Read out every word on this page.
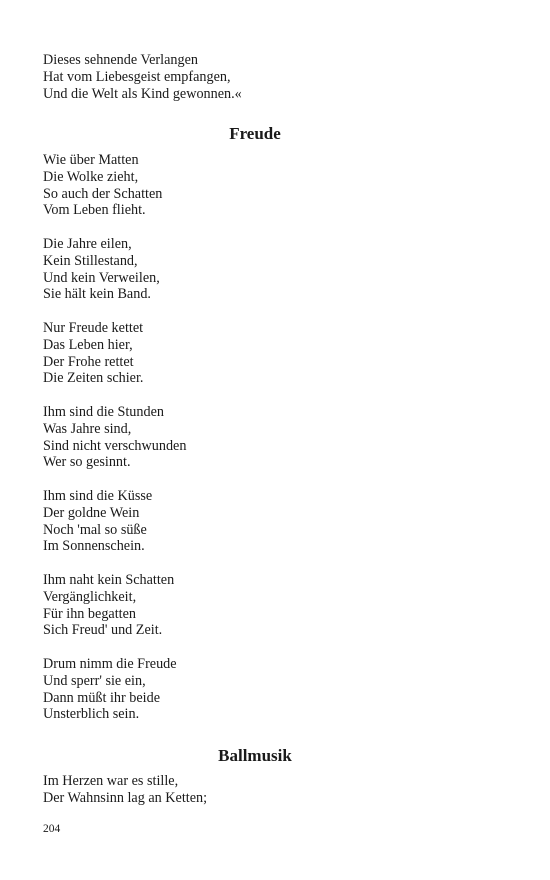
Dieses sehnende Verlangen
Hat vom Liebesgeist empfangen,
Und die Welt als Kind gewonnen.«
Freude
Wie über Matten
Die Wolke zieht,
So auch der Schatten
Vom Leben flieht.
Die Jahre eilen,
Kein Stillestand,
Und kein Verweilen,
Sie hält kein Band.
Nur Freude kettet
Das Leben hier,
Der Frohe rettet
Die Zeiten schier.
Ihm sind die Stunden
Was Jahre sind,
Sind nicht verschwunden
Wer so gesinnt.
Ihm sind die Küsse
Der goldne Wein
Noch 'mal so süße
Im Sonnenschein.
Ihm naht kein Schatten
Vergänglichkeit,
Für ihn begatten
Sich Freud' und Zeit.
Drum nimm die Freude
Und sperr' sie ein,
Dann müßt ihr beide
Unsterblich sein.
Ballmusik
Im Herzen war es stille,
Der Wahnsinn lag an Ketten;
204
